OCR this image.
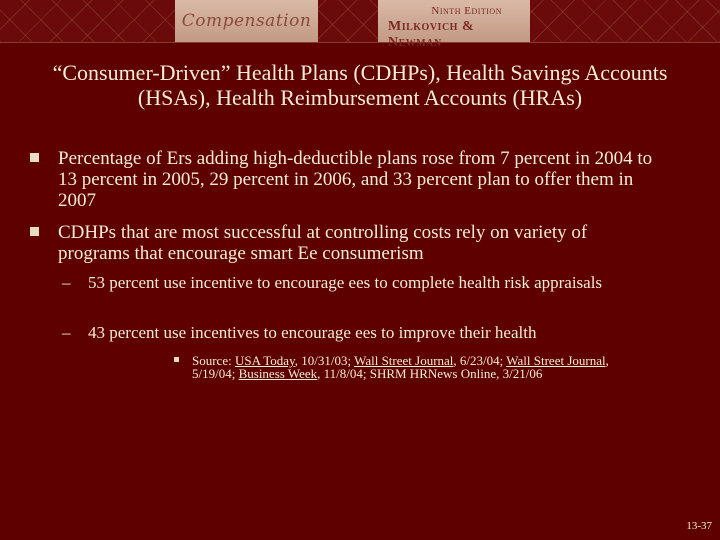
Compensation	Ninth Edition
Milkovich & Newman
“Consumer-Driven” Health Plans (CDHPs), Health Savings Accounts (HSAs), Health Reimbursement Accounts (HRAs)
Percentage of Ers adding high-deductible plans rose from 7 percent in 2004 to 13 percent in 2005, 29 percent in 2006, and 33 percent plan to offer them in 2007
CDHPs that are most successful at controlling costs rely on variety of programs that encourage smart Ee consumerism
– 53 percent use incentive to encourage ees to complete health risk appraisals
– 43 percent use incentives to encourage ees to improve their health
Source: USA Today, 10/31/03; Wall Street Journal, 6/23/04; Wall Street Journal, 5/19/04; Business Week, 11/8/04; SHRM HRNews Online, 3/21/06
13-37
